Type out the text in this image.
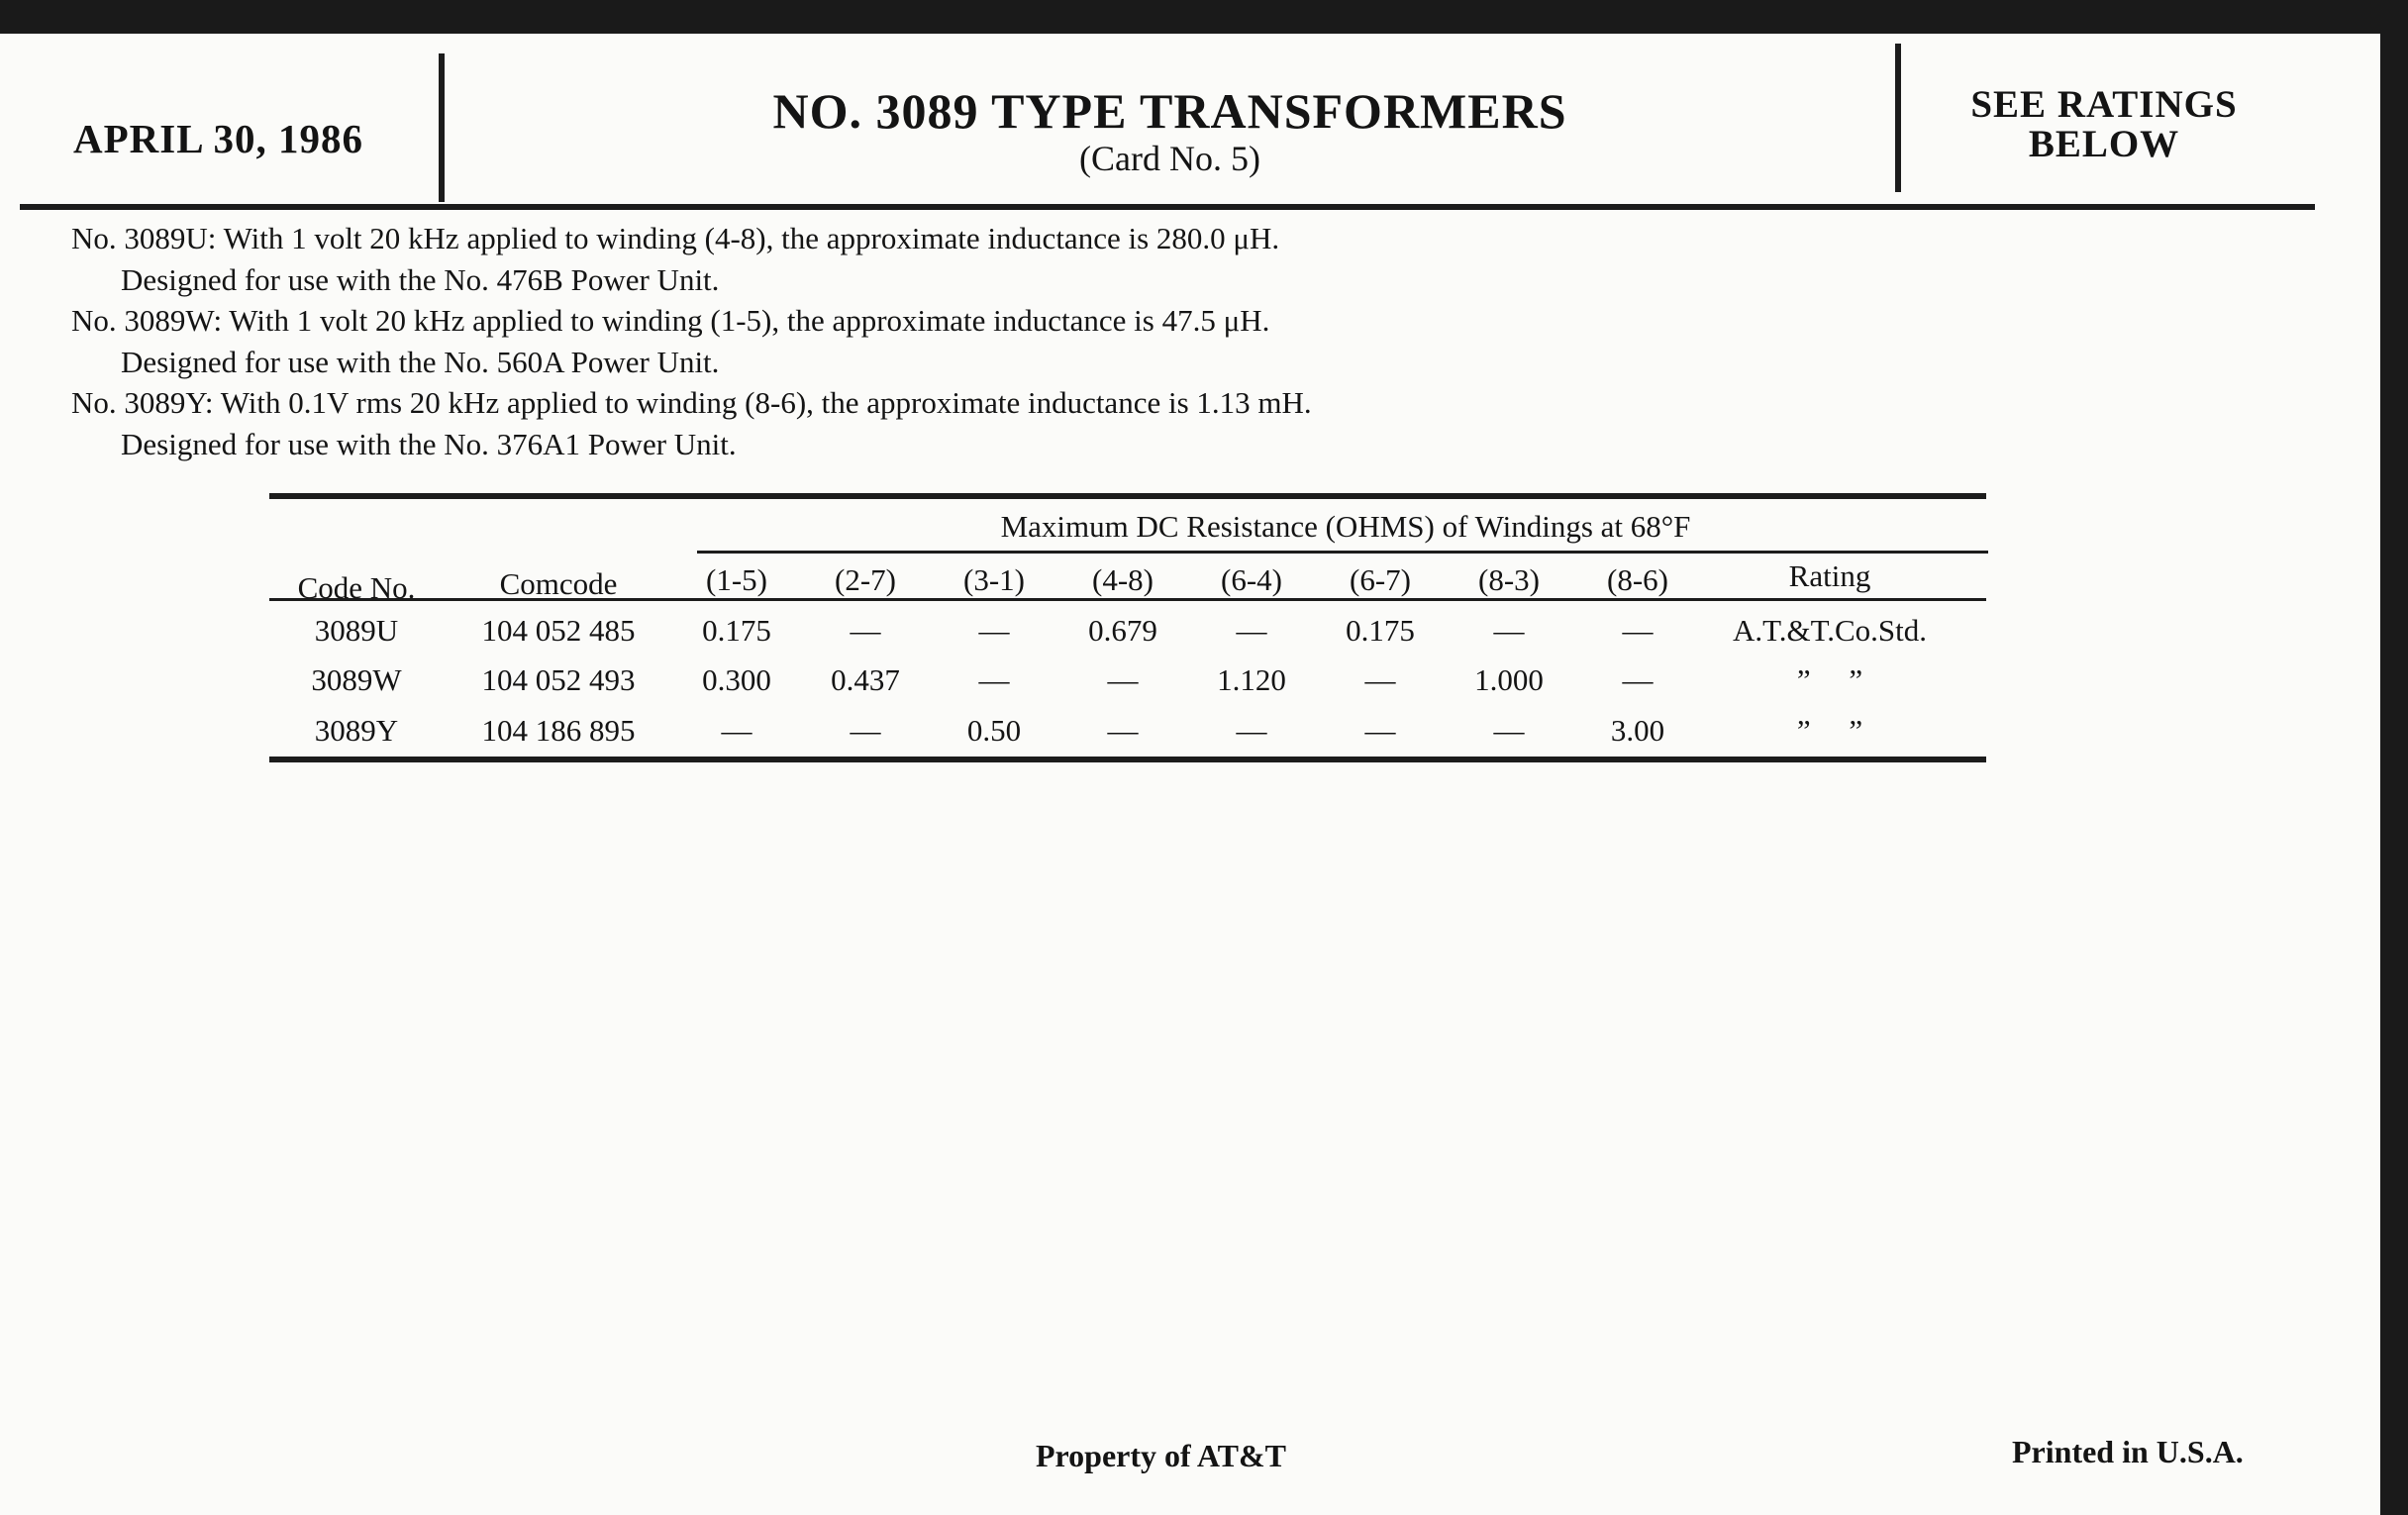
APRIL 30, 1986	NO. 3089 TYPE TRANSFORMERS
(Card No. 5)
SEE RATINGS
BELOW
No. 3089U: With 1 volt 20 kHz applied to winding (4-8), the approximate inductance is 280.0 μH.
Designed for use with the No. 476B Power Unit.
No. 3089W: With 1 volt 20 kHz applied to winding (1-5), the approximate inductance is 47.5 μH.
Designed for use with the No. 560A Power Unit.
No. 3089Y: With 0.1V rms 20 kHz applied to winding (8-6), the approximate inductance is 1.13 mH.
Designed for use with the No. 376A1 Power Unit.
Maximum DC Resistance (OHMS) of Windings at 68°F
Code No.	Comcode	(1-5)	(2-7)	(3-1)	(4-8)	(6-4)	(6-7)	(8-3)	(8-6)	Rating
3089U	104 052 485	0.175	—	—	0.679	—	0.175	—	—	A.T.&T.Co.Std.
3089W	104 052 493	0.300	0.437	—	—	1.120	—	1.000	—	”     ”
3089Y	104 186 895	—	—	0.50	—	—	—	—	3.00	”     ”
Property of AT&T	Printed in U.S.A.
